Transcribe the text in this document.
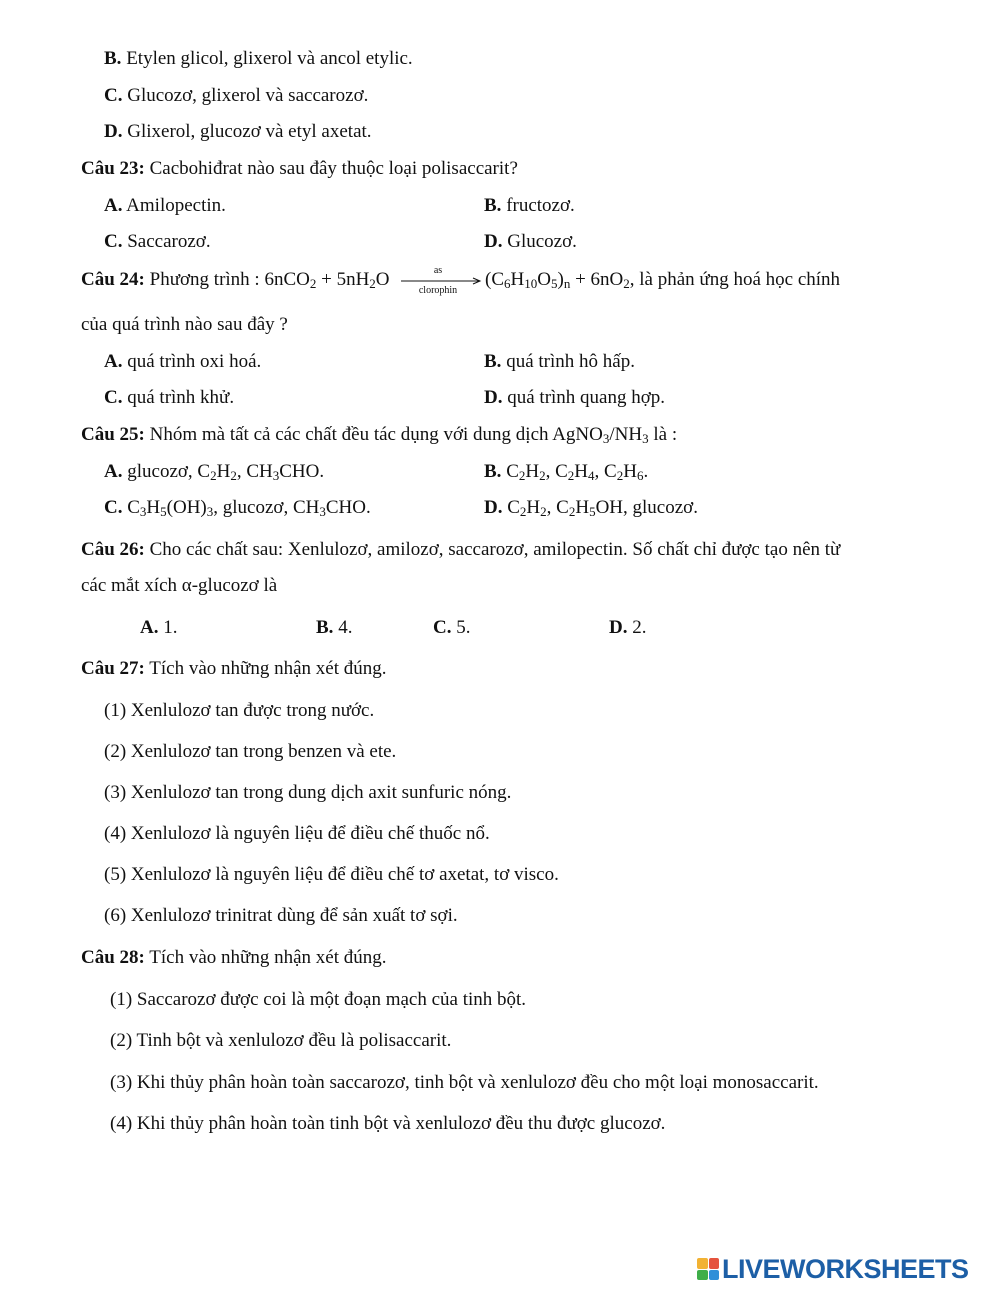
B. Etylen glicol, glixerol và ancol etylic.
C. Glucozơ, glixerol và saccarozơ.
D. Glixerol, glucozơ và etyl axetat.
Câu 23: Cacbohiđrat nào sau đây thuộc loại polisaccarit?
A. Amilopectin.	B. fructozơ.
C. Saccarozơ.	D. Glucozơ.
Câu 24: Phương trình : $6nCO_2 + 5nH_2O$	as
clorophin
$(C_6H_{10}O_5)_n + 6nO_2$, là phản ứng hoá học chính
của quá trình nào sau đây ?
A. quá trình oxi hoá.	B. quá trình hô hấp.
C. quá trình khử.	D. quá trình quang hợp.
Câu 25: Nhóm mà tất cả các chất đều tác dụng với dung dịch $AgNO_3/NH_3$ là :
A. glucozơ, $C_2H_2$, $CH_3CHO$.	B. $C_2H_2$, $C_2H_4$, $C_2H_6$.
C. $C_3H_5(OH)_3$, glucozơ, $CH_3CHO$.	D. $C_2H_2$, $C_2H_5OH$, glucozơ.
Câu 26: Cho các chất sau: Xenlulozơ, amilozơ, saccarozơ, amilopectin. Số chất chỉ được tạo nên từ
các mắt xích α-glucozơ là
A. 1.	B. 4.	C. 5.	D. 2.
Câu 27: Tích vào những nhận xét đúng.
(1) Xenlulozơ tan được trong nước.
(2) Xenlulozơ tan trong benzen và ete.
(3) Xenlulozơ tan trong dung dịch axit sunfuric nóng.
(4) Xenlulozơ là nguyên liệu để điều chế thuốc nổ.
(5) Xenlulozơ là nguyên liệu để điều chế tơ axetat, tơ visco.
(6) Xenlulozơ trinitrat dùng để sản xuất tơ sợi.
Câu 28: Tích vào những nhận xét đúng.
(1) Saccarozơ được coi là một đoạn mạch của tinh bột.
(2) Tinh bột và xenlulozơ đều là polisaccarit.
(3) Khi thủy phân hoàn toàn saccarozơ, tinh bột và xenlulozơ đều cho một loại monosaccarit.
(4) Khi thủy phân hoàn toàn tinh bột và xenlulozơ đều thu được glucozơ.
LIVEWORKSHEETS
